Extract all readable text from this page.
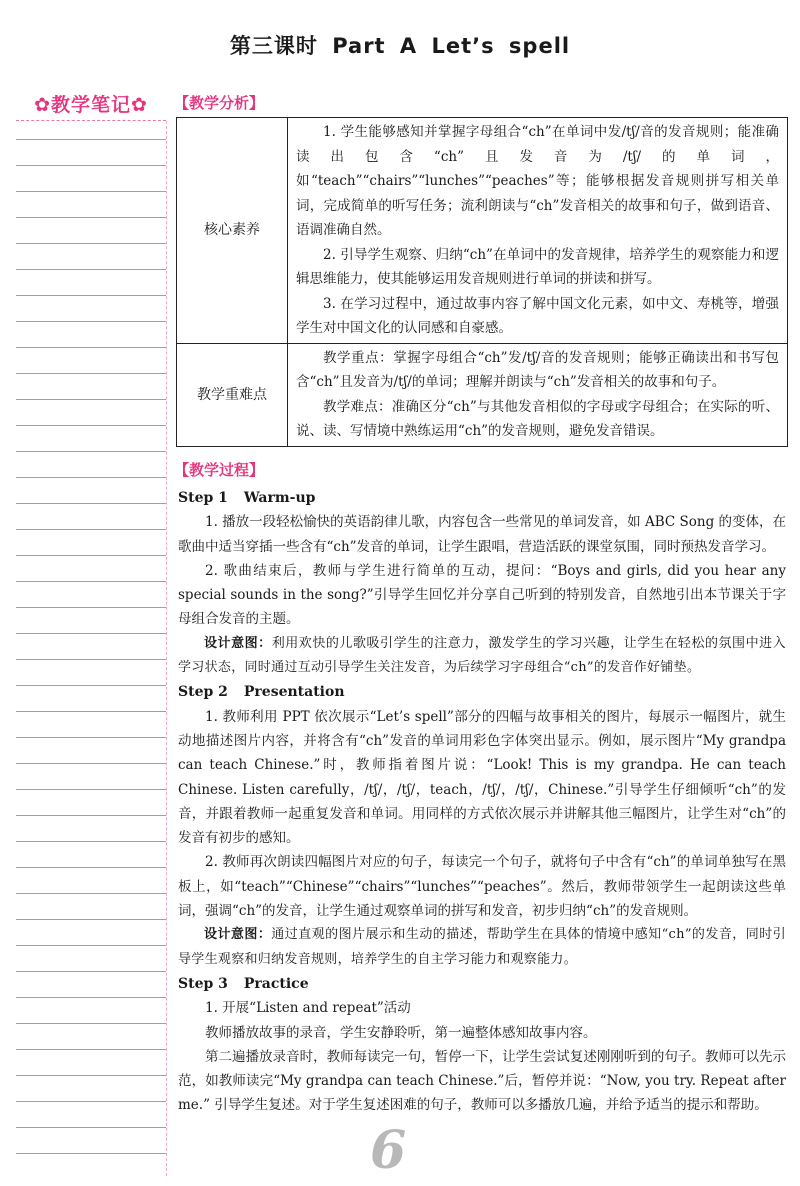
第三课时 Part A Let’s spell
✿教学笔记✿	【教学分析】
核心素养	1. 学生能够感知并掌握字母组合“ch”在单词中发/tʃ/音的发音规则；能准确读出包含“ch”且发音为/tʃ/的单词，如“teach”“chairs”“lunches”“peaches”等；能够根据发音规则拼写相关单词，完成简单的听写任务；流利朗读与“ch”发音相关的故事和句子，做到语音、语调准确自然。

2. 引导学生观察、归纳“ch”在单词中的发音规律，培养学生的观察能力和逻辑思维能力，使其能够运用发音规则进行单词的拼读和拼写。

3. 在学习过程中，通过故事内容了解中国文化元素，如中文、寿桃等，增强学生对中国文化的认同感和自豪感。

教学重难点	教学重点：掌握字母组合“ch”发/tʃ/音的发音规则；能够正确读出和书写包含“ch”且发音为/tʃ/的单词；理解并朗读与“ch”发音相关的故事和句子。

教学难点：准确区分“ch”与其他发音相似的字母或字母组合；在实际的听、说、读、写情境中熟练运用“ch”的发音规则，避免发音错误。

【教学过程】

Step 1 Warm-up

1. 播放一段轻松愉快的英语韵律儿歌，内容包含一些常见的单词发音，如 ABC Song 的变体，在歌曲中适当穿插一些含有“ch”发音的单词，让学生跟唱，营造活跃的课堂氛围，同时预热发音学习。

2. 歌曲结束后，教师与学生进行简单的互动，提问：“Boys and girls, did you hear any special sounds in the song?”引导学生回忆并分享自己听到的特别发音，自然地引出本节课关于字母组合发音的主题。

设计意图：利用欢快的儿歌吸引学生的注意力，激发学生的学习兴趣，让学生在轻松的氛围中进入学习状态，同时通过互动引导学生关注发音，为后续学习字母组合“ch”的发音作好铺垫。

Step 2 Presentation

1. 教师利用 PPT 依次展示“Let’s spell”部分的四幅与故事相关的图片，每展示一幅图片，就生动地描述图片内容，并将含有“ch”发音的单词用彩色字体突出显示。例如，展示图片“My grandpa can teach Chinese.”时，教师指着图片说：“Look! This is my grandpa. He can teach Chinese. Listen carefully，/tʃ/，/tʃ/，teach，/tʃ/，/tʃ/，Chinese.”引导学生仔细倾听“ch”的发音，并跟着教师一起重复发音和单词。用同样的方式依次展示并讲解其他三幅图片，让学生对“ch”的发音有初步的感知。

2. 教师再次朗读四幅图片对应的句子，每读完一个句子，就将句子中含有“ch”的单词单独写在黑板上，如“teach”“Chinese”“chairs”“lunches”“peaches”。然后，教师带领学生一起朗读这些单词，强调“ch”的发音，让学生通过观察单词的拼写和发音，初步归纳“ch”的发音规则。

设计意图：通过直观的图片展示和生动的描述，帮助学生在具体的情境中感知“ch”的发音，同时引导学生观察和归纳发音规则，培养学生的自主学习能力和观察能力。

Step 3 Practice

1. 开展“Listen and repeat”活动

教师播放故事的录音，学生安静聆听，第一遍整体感知故事内容。

第二遍播放录音时，教师每读完一句，暂停一下，让学生尝试复述刚刚听到的句子。教师可以先示范，如教师读完“My grandpa can teach Chinese.”后，暂停并说：“Now, you try. Repeat after me.” 引导学生复述。对于学生复述困难的句子，教师可以多播放几遍，并给予适当的提示和帮助。

6
